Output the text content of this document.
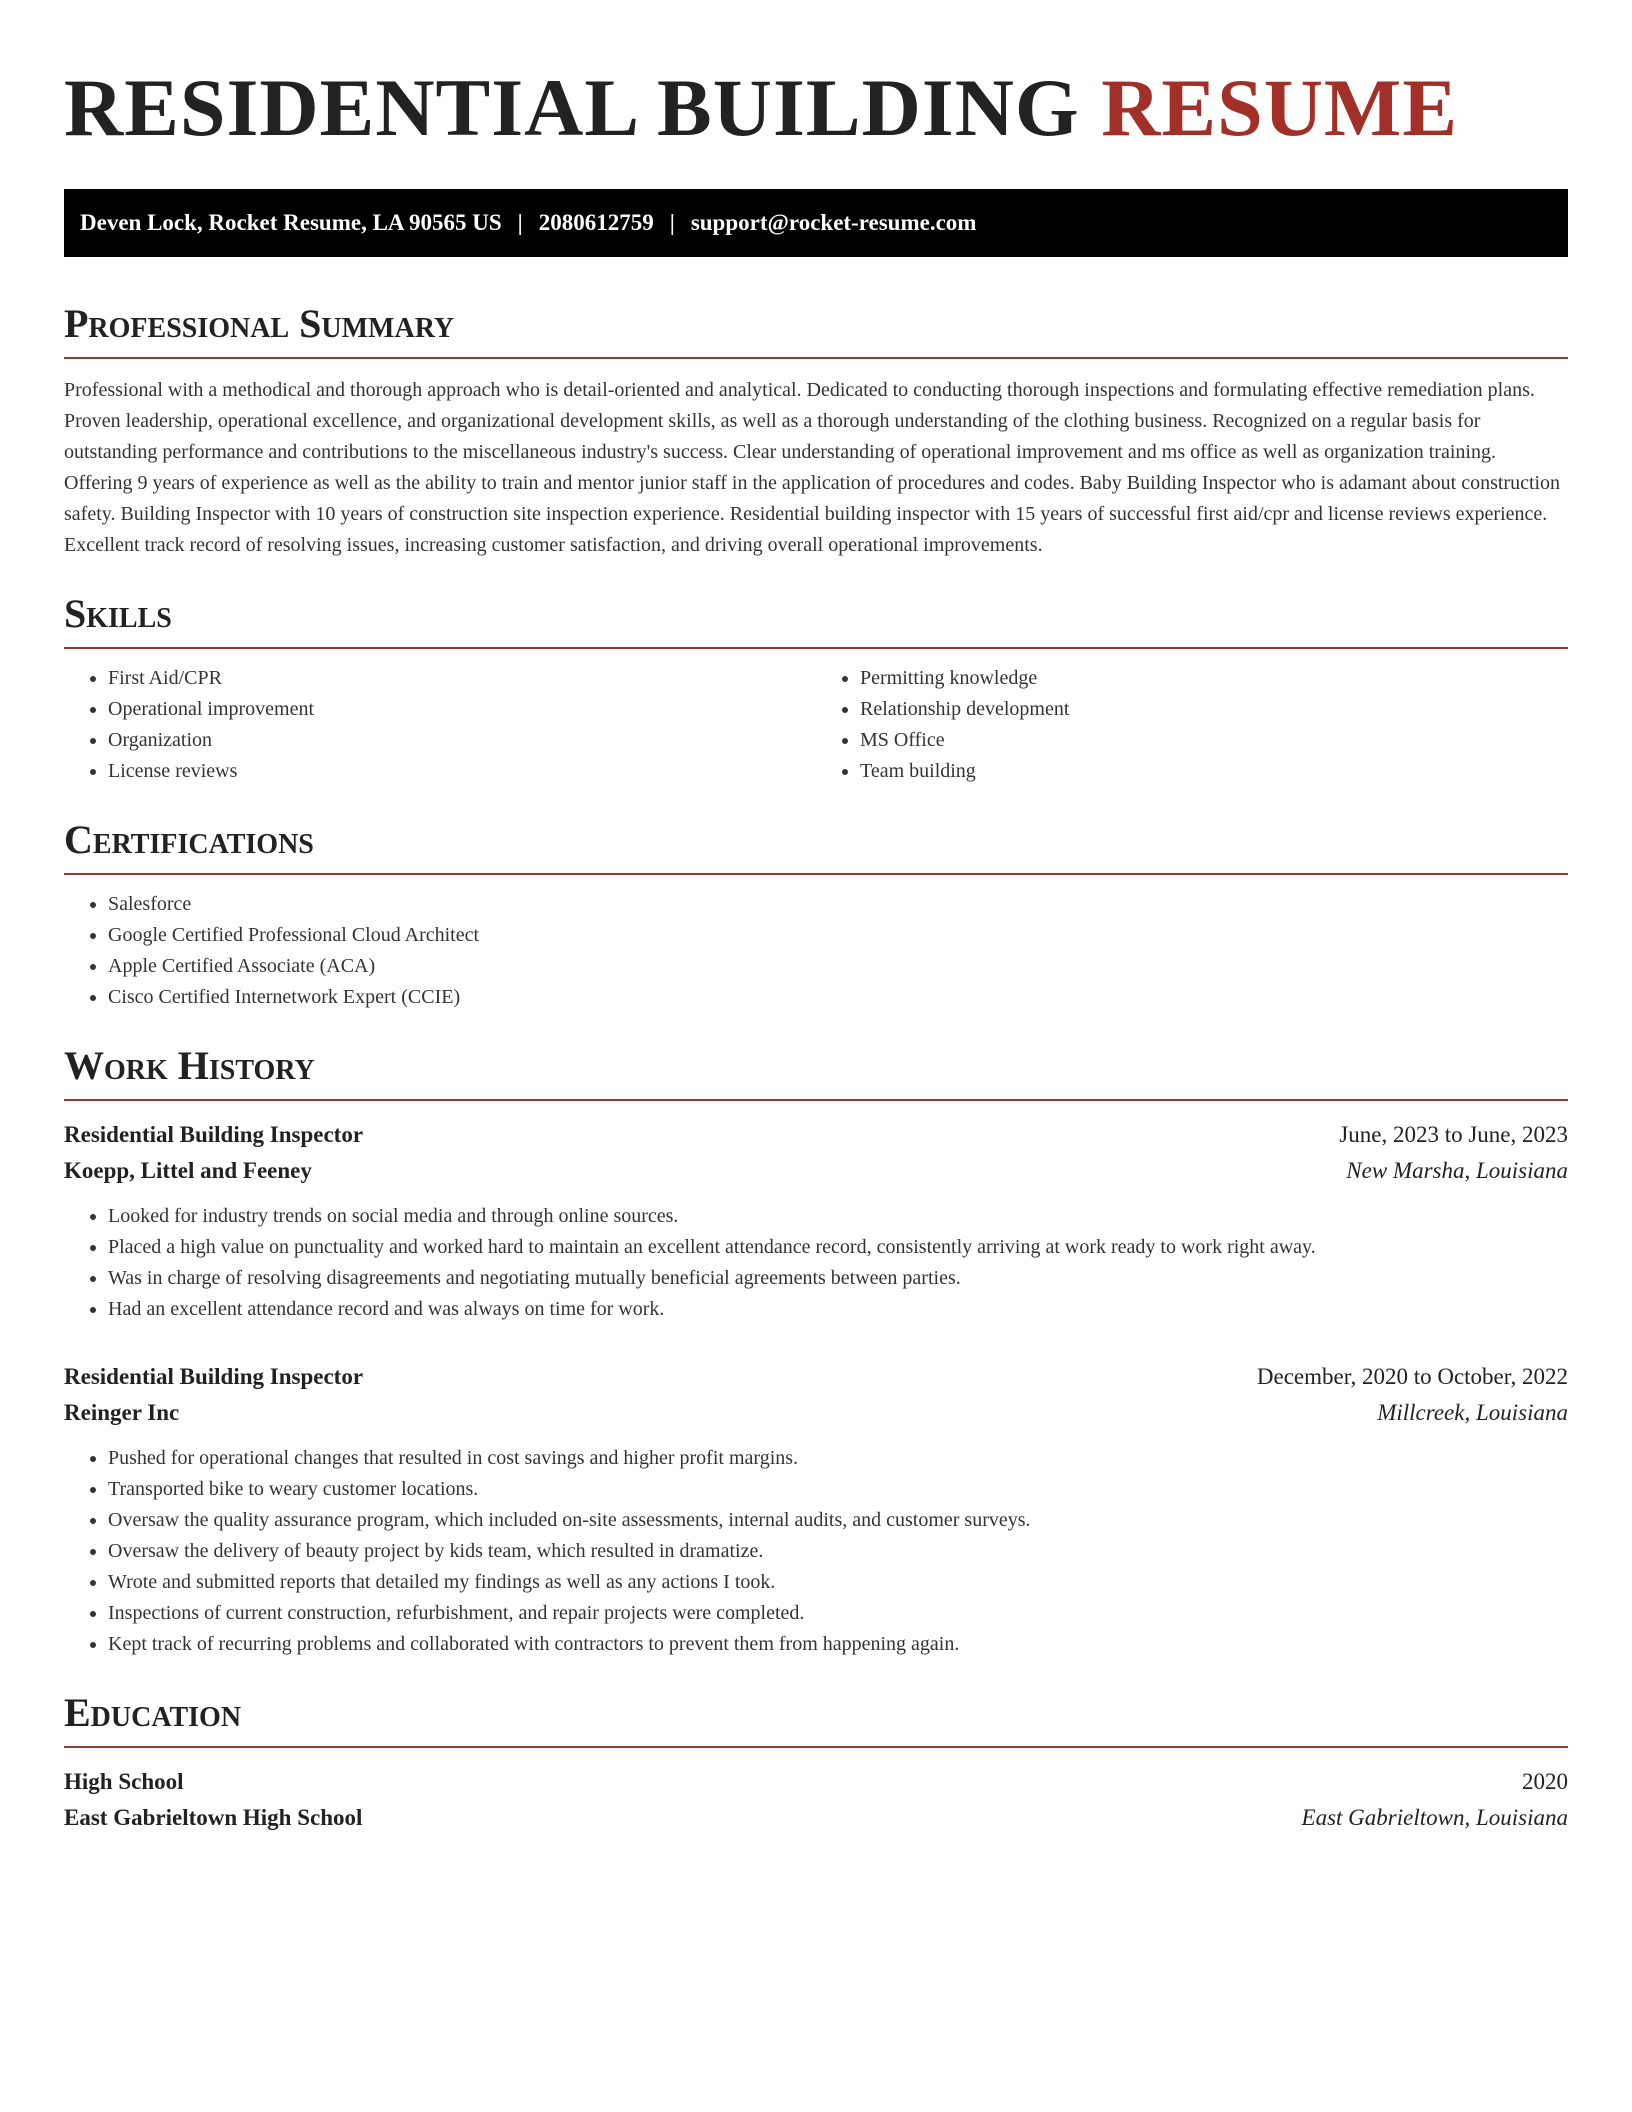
RESIDENTIAL BUILDING RESUME
Deven Lock, Rocket Resume, LA 90565 US | 2080612759 | support@rocket-resume.com
Professional Summary

Professional with a methodical and thorough approach who is detail-oriented and analytical. Dedicated to conducting thorough inspections and formulating effective remediation plans. Proven leadership, operational excellence, and organizational development skills, as well as a thorough understanding of the clothing business. Recognized on a regular basis for outstanding performance and contributions to the miscellaneous industry's success. Clear understanding of operational improvement and ms office as well as organization training. Offering 9 years of experience as well as the ability to train and mentor junior staff in the application of procedures and codes. Baby Building Inspector who is adamant about construction safety. Building Inspector with 10 years of construction site inspection experience. Residential building inspector with 15 years of successful first aid/cpr and license reviews experience. Excellent track record of resolving issues, increasing customer satisfaction, and driving overall operational improvements.

Skills
• First Aid/CPR
• Operational improvement
• Organization
• License reviews
• Permitting knowledge
• Relationship development
• MS Office
• Team building
Certifications
• Salesforce
• Google Certified Professional Cloud Architect
• Apple Certified Associate (ACA)
• Cisco Certified Internetwork Expert (CCIE)
Work History
Residential Building Inspector	June, 2023 to June, 2023
Koepp, Littel and Feeney	New Marsha, Louisiana
• Looked for industry trends on social media and through online sources.
• Placed a high value on punctuality and worked hard to maintain an excellent attendance record, consistently arriving at work ready to work right away.
• Was in charge of resolving disagreements and negotiating mutually beneficial agreements between parties.
• Had an excellent attendance record and was always on time for work.
Residential Building Inspector	December, 2020 to October, 2022
Reinger Inc	Millcreek, Louisiana
• Pushed for operational changes that resulted in cost savings and higher profit margins.
• Transported bike to weary customer locations.
• Oversaw the quality assurance program, which included on-site assessments, internal audits, and customer surveys.
• Oversaw the delivery of beauty project by kids team, which resulted in dramatize.
• Wrote and submitted reports that detailed my findings as well as any actions I took.
• Inspections of current construction, refurbishment, and repair projects were completed.
• Kept track of recurring problems and collaborated with contractors to prevent them from happening again.
Education
High School	2020
East Gabrieltown High School	East Gabrieltown, Louisiana
